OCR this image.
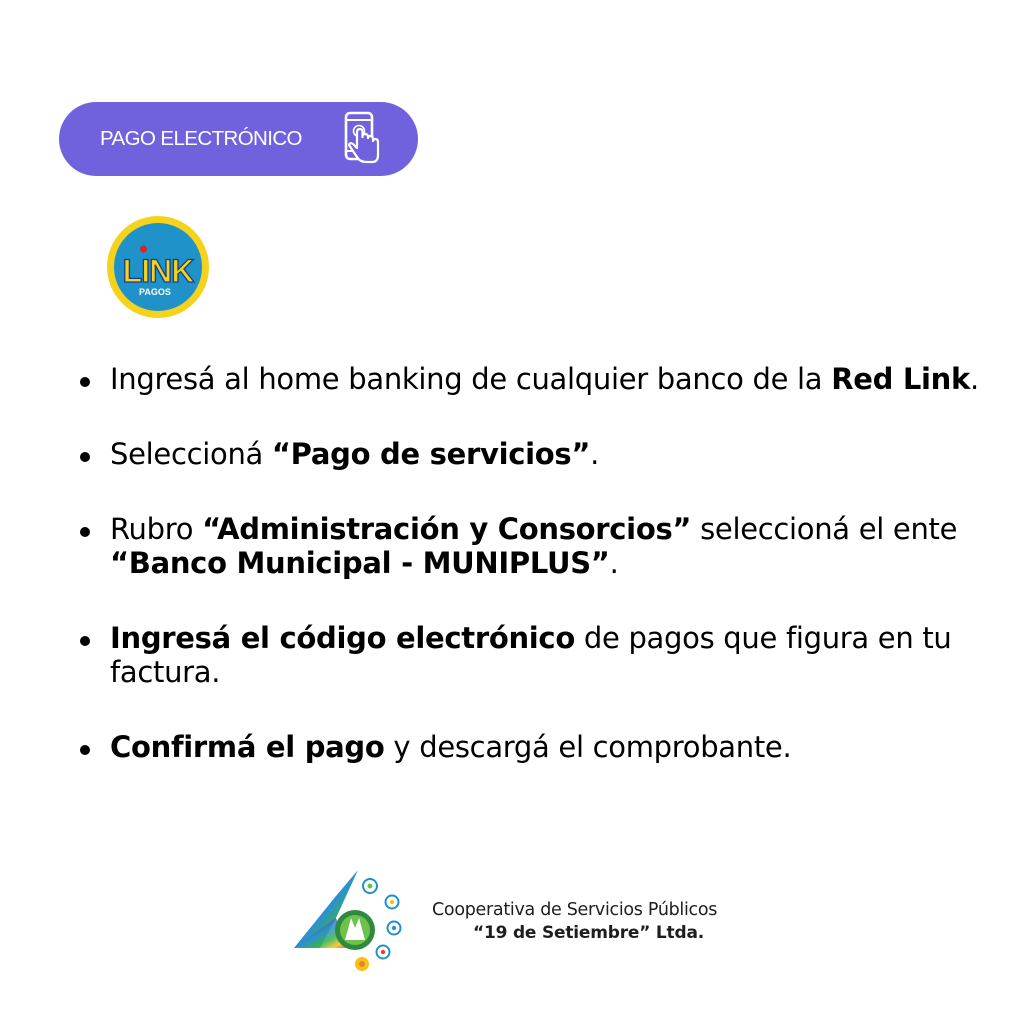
PAGO ELECTRÓNICO
LINK
PAGOS
Ingresá al home banking de cualquier banco de la Red Link.
Seleccioná “Pago de servicios”.
Rubro “Administración y Consorcios” seleccioná el ente “Banco Municipal - MUNIPLUS”.
Ingresá el código electrónico de pagos que figura en tu factura.
Confirmá el pago y descargá el comprobante.
Cooperativa de Servicios Públicos
“19 de Setiembre” Ltda.
